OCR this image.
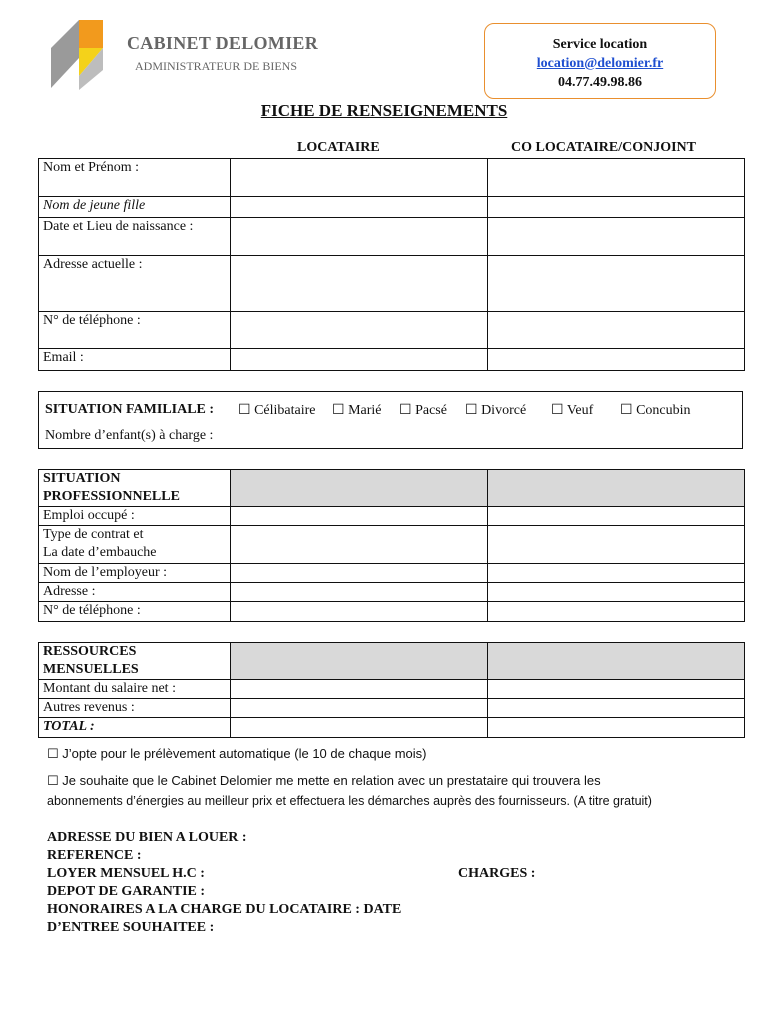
CABINET DELOMIER
ADMINISTRATEUR DE BIENS
Service location
location@delomier.fr
04.77.49.98.86
FICHE DE RENSEIGNEMENTS
LOCATAIRE	CO LOCATAIRE/CONJOINT
Nom et Prénom :		
Nom de jeune fille		
Date et Lieu de naissance :		
Adresse actuelle :		
N° de téléphone :		
Email :		
SITUATION FAMILIALE : ☐ Célibataire ☐ Marié ☐ Pacsé ☐ Divorcé ☐ Veuf ☐ Concubin
Nombre d’enfant(s) à charge :
SITUATION
PROFESSIONNELLE		
Emploi occupé :		
Type de contrat et
La date d’embauche		
Nom de l’employeur :		
Adresse :		
N° de téléphone :		
RESSOURCES
MENSUELLES		
Montant du salaire net :		
Autres revenus :		
TOTAL :		
☐ J’opte pour le prélèvement automatique (le 10 de chaque mois)
☐ Je souhaite que le Cabinet Delomier me mette en relation avec un prestataire qui trouvera les
abonnements d’énergies au meilleur prix et effectuera les démarches auprès des fournisseurs. (A titre gratuit)
ADRESSE DU BIEN A LOUER :
REFERENCE :
LOYER MENSUEL H.C :	CHARGES :
DEPOT DE GARANTIE :
HONORAIRES A LA CHARGE DU LOCATAIRE : DATE
D’ENTREE SOUHAITEE :
